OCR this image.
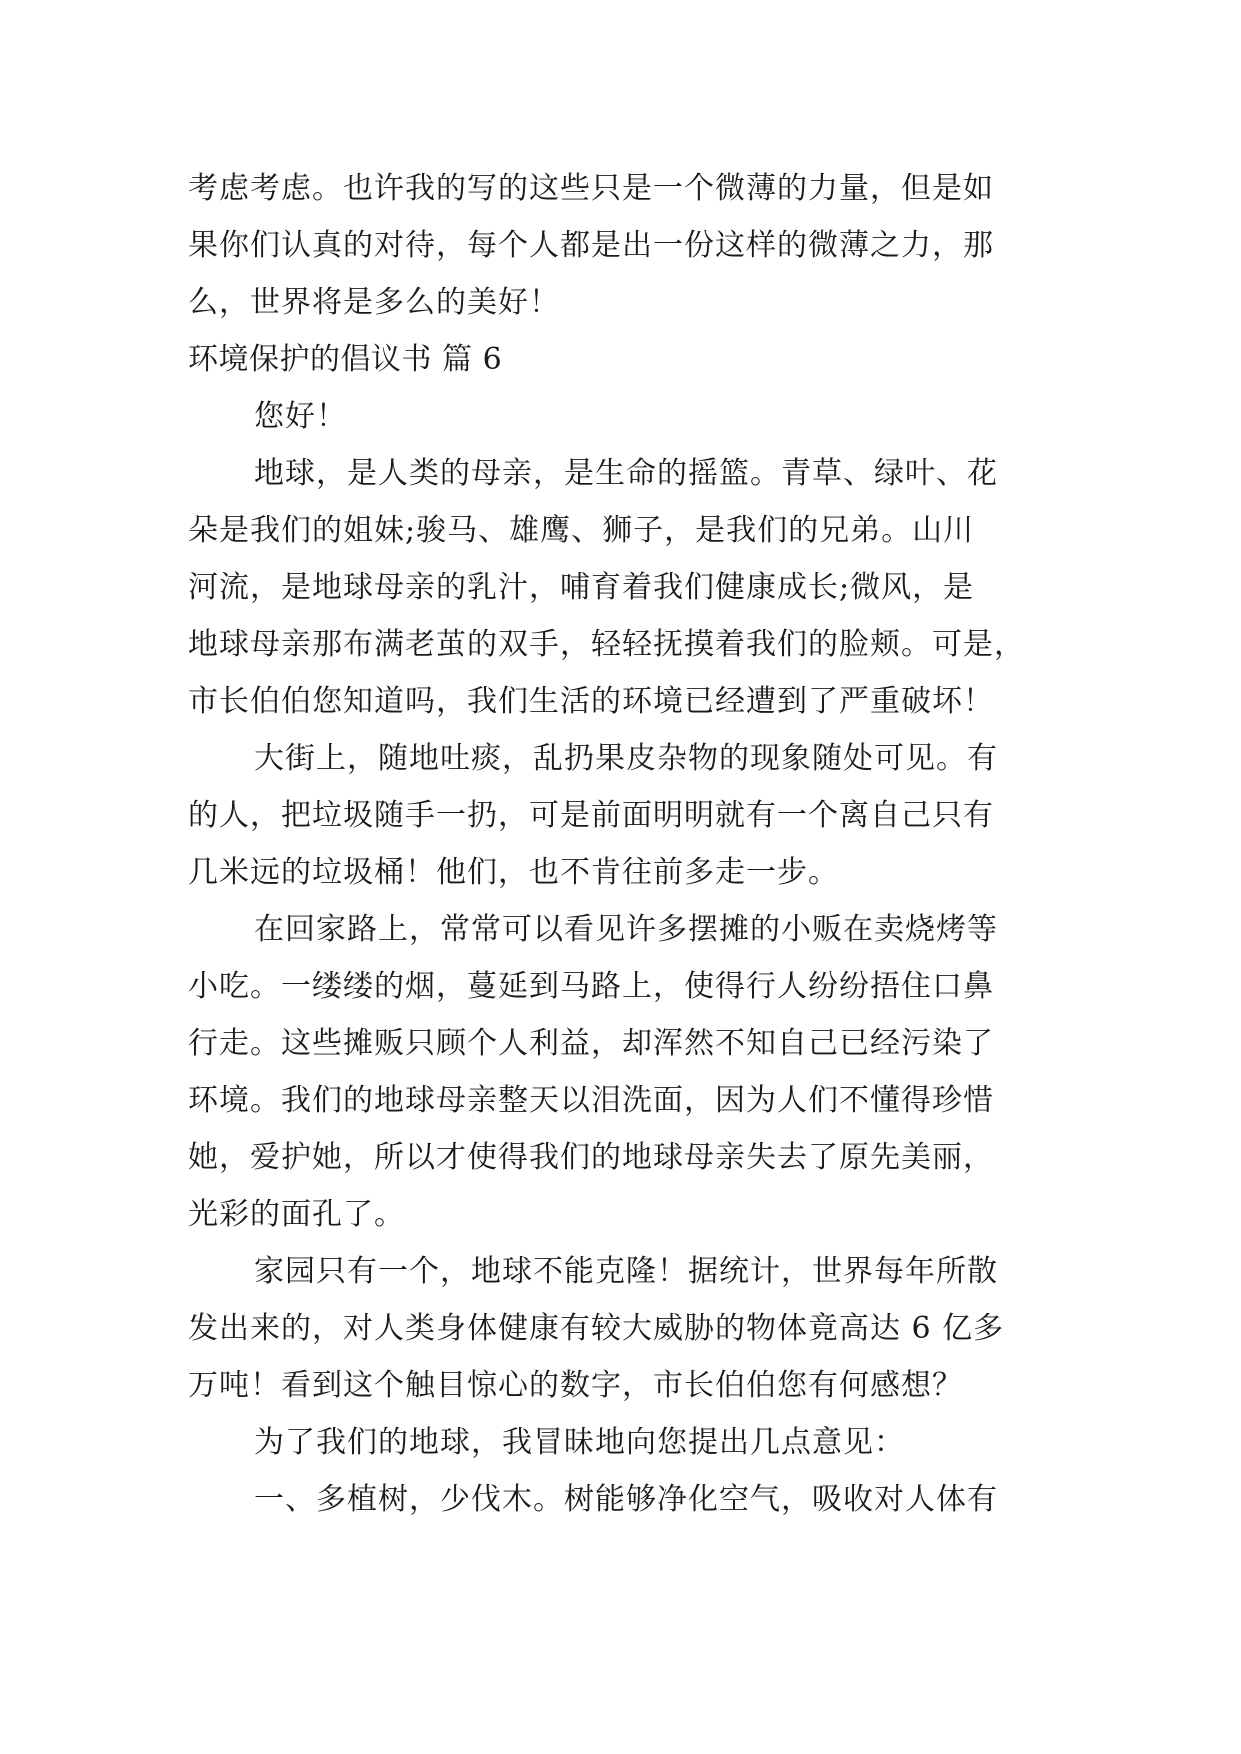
考虑考虑。也许我的写的这些只是一个微薄的力量，但是如
果你们认真的对待，每个人都是出一份这样的微薄之力，那
么，世界将是多么的美好！
环境保护的倡议书 篇 6
您好！
地球，是人类的母亲，是生命的摇篮。青草、绿叶、花
朵是我们的姐妹;骏马、雄鹰、狮子，是我们的兄弟。山川
河流，是地球母亲的乳汁，哺育着我们健康成长;微风，是
地球母亲那布满老茧的双手，轻轻抚摸着我们的脸颊。可是，
市长伯伯您知道吗，我们生活的环境已经遭到了严重破坏！
大街上，随地吐痰，乱扔果皮杂物的现象随处可见。有
的人，把垃圾随手一扔，可是前面明明就有一个离自己只有
几米远的垃圾桶！他们，也不肯往前多走一步。
在回家路上，常常可以看见许多摆摊的小贩在卖烧烤等
小吃。一缕缕的烟，蔓延到马路上，使得行人纷纷捂住口鼻
行走。这些摊贩只顾个人利益，却浑然不知自己已经污染了
环境。我们的地球母亲整天以泪洗面，因为人们不懂得珍惜
她，爱护她，所以才使得我们的地球母亲失去了原先美丽，
光彩的面孔了。
家园只有一个，地球不能克隆！据统计，世界每年所散
发出来的，对人类身体健康有较大威胁的物体竟高达 6 亿多
万吨！看到这个触目惊心的数字，市长伯伯您有何感想？
为了我们的地球，我冒昧地向您提出几点意见：
一、多植树，少伐木。树能够净化空气，吸收对人体有
